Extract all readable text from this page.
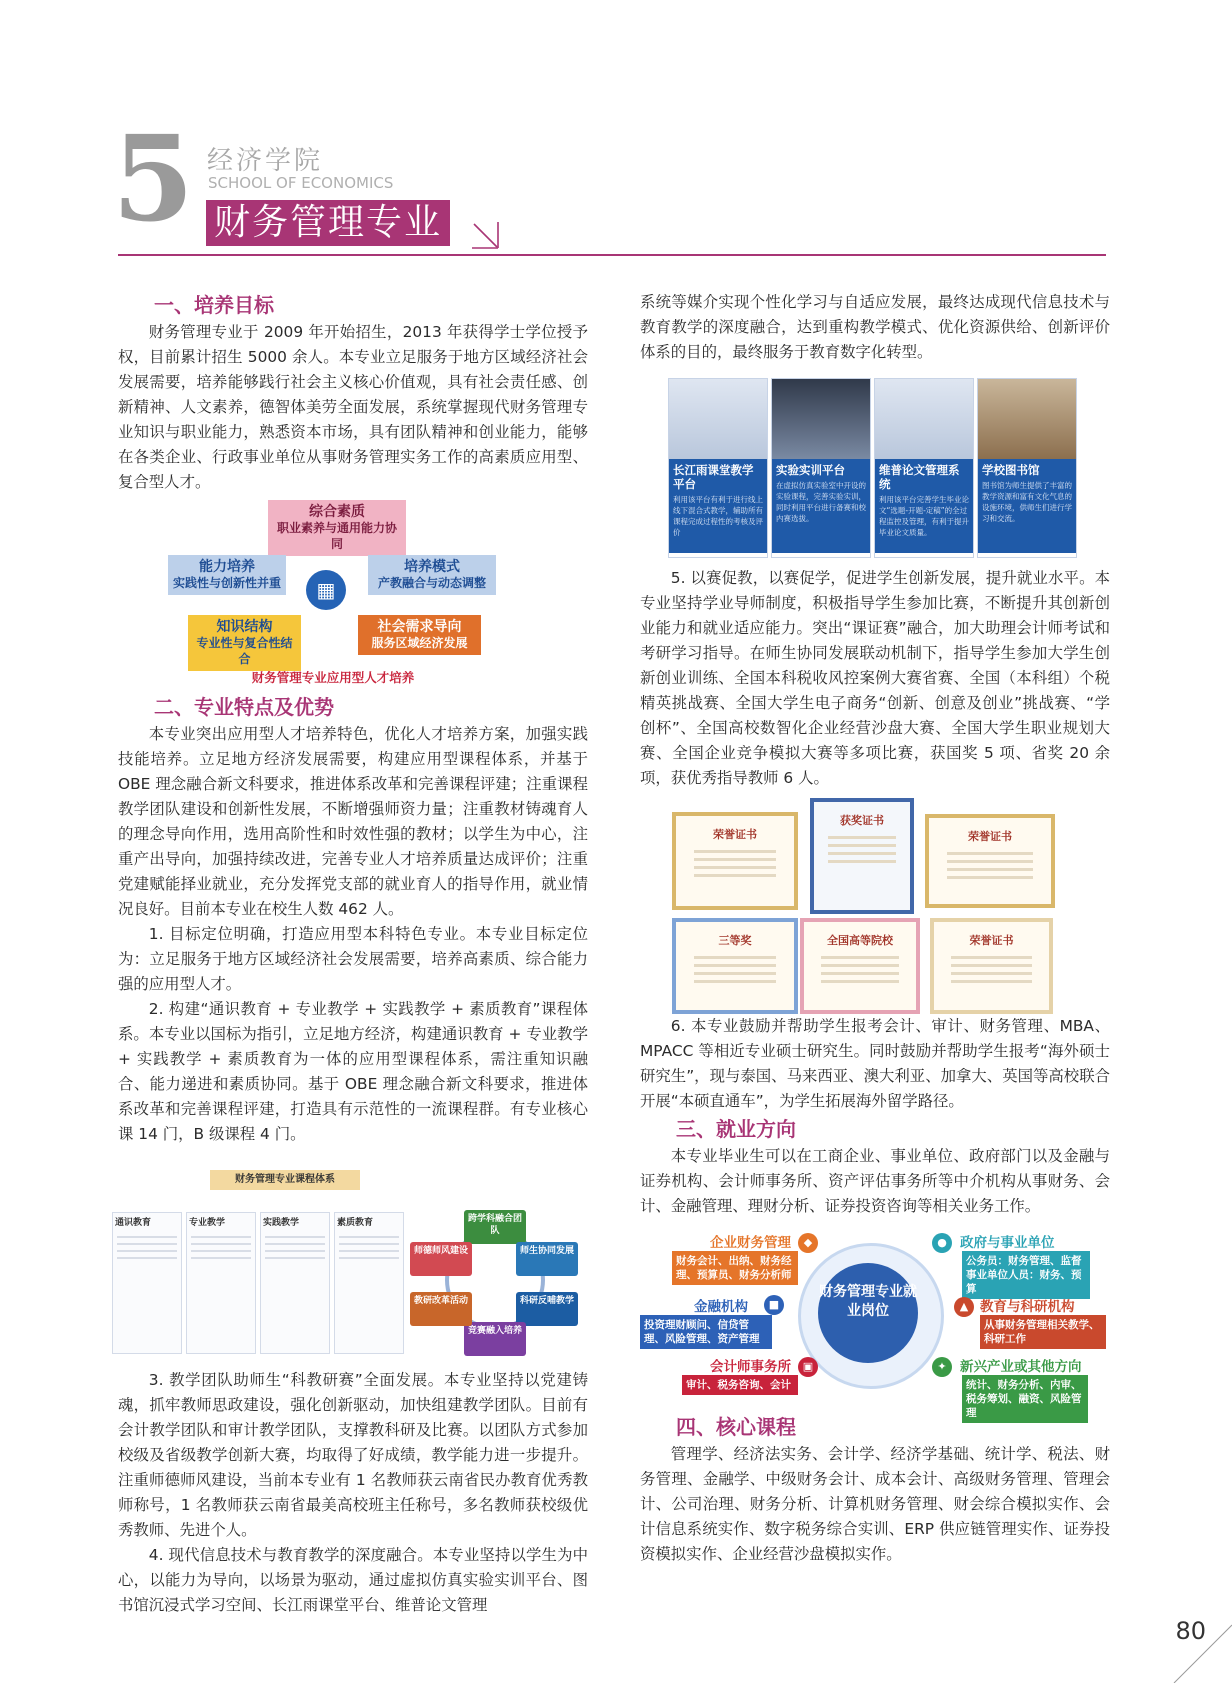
5 经济学院
SCHOOL OF ECONOMICS
财务管理专业
一、培养目标

财务管理专业于 2009 年开始招生，2013 年获得学士学位授予权，目前累计招生 5000 余人。本专业立足服务于地方区域经济社会发展需要，培养能够践行社会主义核心价值观，具有社会责任感、创新精神、人文素养，德智体美劳全面发展，系统掌握现代财务管理专业知识与职业能力，熟悉资本市场，具有团队精神和创业能力，能够在各类企业、行政事业单位从事财务管理实务工作的高素质应用型、复合型人才。

综合素质
职业素养与通用能力协同
能力培养
实践性与创新性并重
培养模式
产教融合与动态调整
▦
知识结构
专业性与复合性结合
社会需求导向
服务区域经济发展
财务管理专业应用型人才培养
二、专业特点及优势

本专业突出应用型人才培养特色，优化人才培养方案，加强实践技能培养。立足地方经济发展需要，构建应用型课程体系，并基于 OBE 理念融合新文科要求，推进体系改革和完善课程评建；注重课程教学团队建设和创新性发展，不断增强师资力量；注重教材铸魂育人的理念导向作用，选用高阶性和时效性强的教材；以学生为中心，注重产出导向，加强持续改进，完善专业人才培养质量达成评价；注重党建赋能择业就业，充分发挥党支部的就业育人的指导作用，就业情况良好。目前本专业在校生人数 462 人。

1. 目标定位明确，打造应用型本科特色专业。本专业目标定位为：立足服务于地方区域经济社会发展需要，培养高素质、综合能力强的应用型人才。

2. 构建“通识教育 + 专业教学 + 实践教学 + 素质教育”课程体系。本专业以国标为指引，立足地方经济，构建通识教育 + 专业教学 + 实践教学 + 素质教育为一体的应用型课程体系，需注重知识融合、能力递进和素质协同。基于 OBE 理念融合新文科要求，推进体系改革和完善课程评建，打造具有示范性的一流课程群。有专业核心课 14 门，B 级课程 4 门。

财务管理专业课程体系
通识教育	专业教学	实践教学	素质教育	跨学科融合团队
师德师风建设	师生协同发展
科研反哺教学
竞赛融入培养
教研改革活动

3. 教学团队助师生“科教研赛”全面发展。本专业坚持以党建铸魂，抓牢教师思政建设，强化创新驱动，加快组建教学团队。目前有会计教学团队和审计教学团队，支撑教科研及比赛。以团队方式参加校级及省级教学创新大赛，均取得了好成绩，教学能力进一步提升。注重师德师风建设，当前本专业有 1 名教师获云南省民办教育优秀教师称号，1 名教师获云南省最美高校班主任称号，多名教师获校级优秀教师、先进个人。

4. 现代信息技术与教育教学的深度融合。本专业坚持以学生为中心，以能力为导向，以场景为驱动，通过虚拟仿真实验实训平台、图书馆沉浸式学习空间、长江雨课堂平台、维普论文管理

系统等媒介实现个性化学习与自适应发展，最终达成现代信息技术与教育教学的深度融合，达到重构教学模式、优化资源供给、创新评价体系的目的，最终服务于教育数字化转型。

长江雨课堂教学平台
利用该平台有利于进行线上线下混合式教学，辅助所有课程完成过程性的考核及评价
实验实训平台
在虚拟仿真实验室中开设的实验课程，完善实验实训，同时利用平台进行备赛和校内赛选拔。
维普论文管理系统
利用该平台完善学生毕业论文“选题-开题-定稿”的全过程监控及管理，有利于提升毕业论文质量。
学校图书馆
图书馆为师生提供了丰富的教学资源和富有文化气息的设施环境，供师生们进行学习和交流。

5. 以赛促教，以赛促学，促进学生创新发展，提升就业水平。本专业坚持学业导师制度，积极指导学生参加比赛，不断提升其创新创业能力和就业适应能力。突出“课证赛”融合，加大助理会计师考试和考研学习指导。在师生协同发展联动机制下，指导学生参加大学生创新创业训练、全国本科税收风控案例大赛省赛、全国（本科组）个税精英挑战赛、全国大学生电子商务“创新、创意及创业”挑战赛、“学创杯”、全国高校数智化企业经营沙盘大赛、全国大学生职业规划大赛、全国企业竞争模拟大赛等多项比赛，获国奖 5 项、省奖 20 余项，获优秀指导教师 6 人。

荣誉证书
获奖证书
荣誉证书
三等奖	全国高等院校	荣誉证书

6. 本专业鼓励并帮助学生报考会计、审计、财务管理、MBA、MPACC 等相近专业硕士研究生。同时鼓励并帮助学生报考“海外硕士研究生”，现与泰国、马来西亚、澳大利亚、加拿大、英国等高校联合开展“本硕直通车”，为学生拓展海外留学路径。

三、就业方向

本专业毕业生可以在工商企业、事业单位、政府部门以及金融与证券机构、会计师事务所、资产评估事务所等中介机构从事财务、会计、金融管理、理财分析、证券投资咨询等相关业务工作。

财务管理专业就业岗位
企业财务管理
财务会计、出纳、财务经理、预算员、财务分析师
◆	政府与事业单位
公务员：财务管理、监督 事业单位人员：财务、预算
●
金融机构
投资理财顾问、信贷管理、风险管理、资产管理
■	教育与科研机构
从事财务管理相关教学、科研工作
▲
会计师事务所
审计、税务咨询、会计
▣	新兴产业或其他方向
统计、财务分析、内审、税务筹划、融资、风险管理
✦
四、核心课程

管理学、经济法实务、会计学、经济学基础、统计学、税法、财务管理、金融学、中级财务会计、成本会计、高级财务管理、管理会计、公司治理、财务分析、计算机财务管理、财会综合模拟实作、会计信息系统实作、数字税务综合实训、ERP 供应链管理实作、证券投资模拟实作、企业经营沙盘模拟实作。

80
